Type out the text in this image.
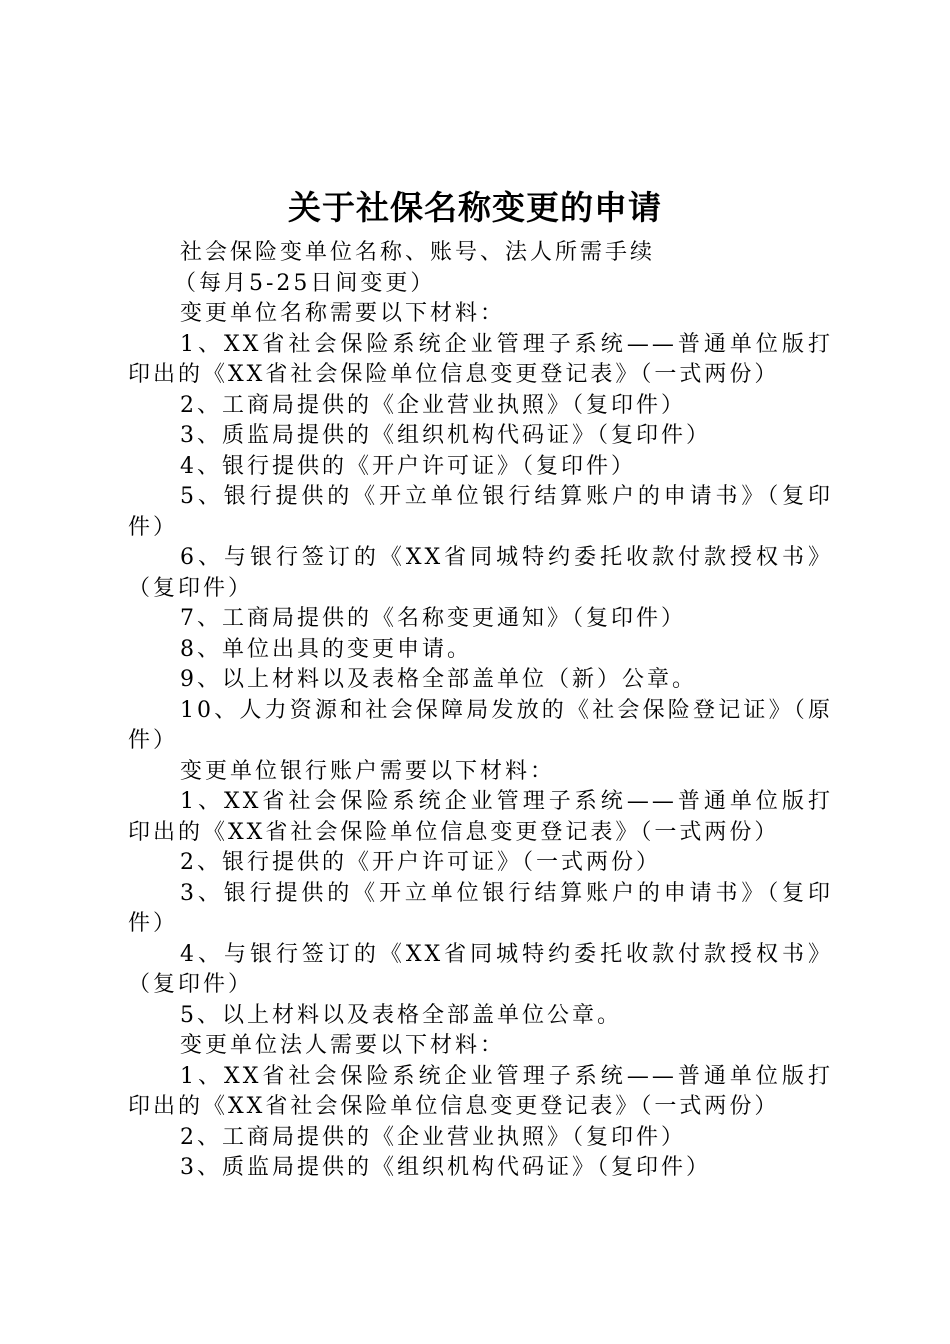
关于社保名称变更的申请

社会保险变单位名称、账号、法人所需手续

（每月5-25日间变更）

变更单位名称需要以下材料：

1、XX省社会保险系统企业管理子系统——普通单位版打印出的《XX省社会保险单位信息变更登记表》（一式两份）

2、工商局提供的《企业营业执照》（复印件）

3、质监局提供的《组织机构代码证》（复印件）

4、银行提供的《开户许可证》（复印件）

5、银行提供的《开立单位银行结算账户的申请书》（复印件）

6、与银行签订的《XX省同城特约委托收款付款授权书》（复印件）

7、工商局提供的《名称变更通知》（复印件）

8、单位出具的变更申请。

9、以上材料以及表格全部盖单位（新）公章。

10、人力资源和社会保障局发放的《社会保险登记证》（原件）

变更单位银行账户需要以下材料：

1、XX省社会保险系统企业管理子系统——普通单位版打印出的《XX省社会保险单位信息变更登记表》（一式两份）

2、银行提供的《开户许可证》（一式两份）

3、银行提供的《开立单位银行结算账户的申请书》（复印件）

4、与银行签订的《XX省同城特约委托收款付款授权书》（复印件）

5、以上材料以及表格全部盖单位公章。

变更单位法人需要以下材料：

1、XX省社会保险系统企业管理子系统——普通单位版打印出的《XX省社会保险单位信息变更登记表》（一式两份）

2、工商局提供的《企业营业执照》（复印件）

3、质监局提供的《组织机构代码证》（复印件）
